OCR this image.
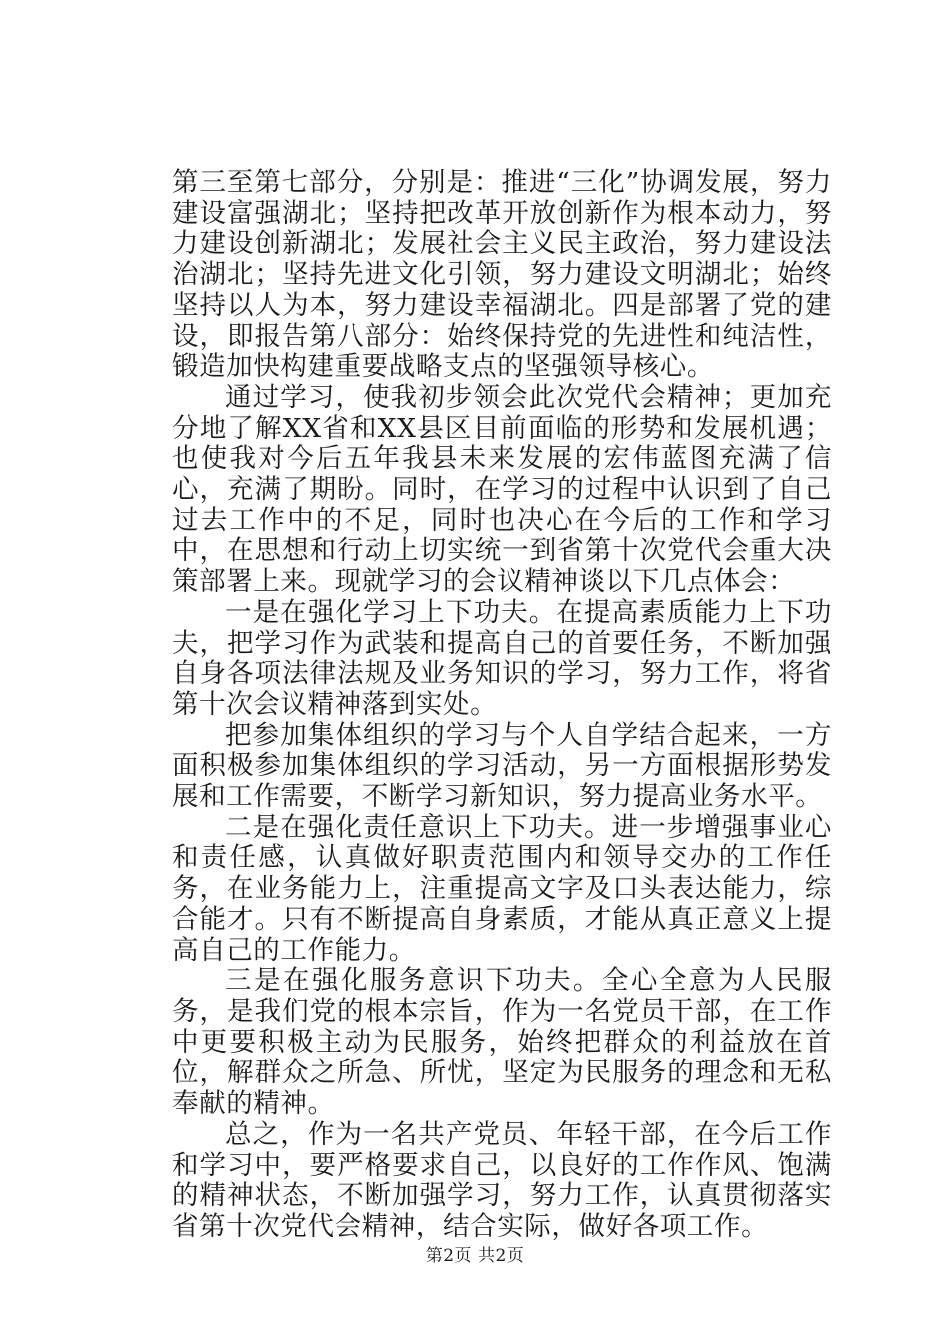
第三至第七部分，分别是：推进“三化”协调发展，努力建设富强湖北；坚持把改革开放创新作为根本动力，努力建设创新湖北；发展社会主义民主政治，努力建设法治湖北；坚持先进文化引领，努力建设文明湖北；始终坚持以人为本，努力建设幸福湖北。四是部署了党的建设，即报告第八部分：始终保持党的先进性和纯洁性，锻造加快构建重要战略支点的坚强领导核心。

通过学习，使我初步领会此次党代会精神；更加充分地了解XX省和XX县区目前面临的形势和发展机遇；也使我对今后五年我县未来发展的宏伟蓝图充满了信心，充满了期盼。同时，在学习的过程中认识到了自己过去工作中的不足，同时也决心在今后的工作和学习中，在思想和行动上切实统一到省第十次党代会重大决策部署上来。现就学习的会议精神谈以下几点体会：

一是在强化学习上下功夫。在提高素质能力上下功夫，把学习作为武装和提高自己的首要任务，不断加强自身各项法律法规及业务知识的学习，努力工作，将省第十次会议精神落到实处。

把参加集体组织的学习与个人自学结合起来，一方面积极参加集体组织的学习活动，另一方面根据形势发展和工作需要，不断学习新知识，努力提高业务水平。

二是在强化责任意识上下功夫。进一步增强事业心和责任感，认真做好职责范围内和领导交办的工作任务，在业务能力上，注重提高文字及口头表达能力，综合能才。只有不断提高自身素质，才能从真正意义上提高自己的工作能力。

三是在强化服务意识下功夫。全心全意为人民服务，是我们党的根本宗旨，作为一名党员干部，在工作中更要积极主动为民服务，始终把群众的利益放在首位，解群众之所急、所忧，坚定为民服务的理念和无私奉献的精神。

总之，作为一名共产党员、年轻干部，在今后工作和学习中，要严格要求自己，以良好的工作作风、饱满的精神状态，不断加强学习，努力工作，认真贯彻落实省第十次党代会精神，结合实际，做好各项工作。

第2页 共2页
